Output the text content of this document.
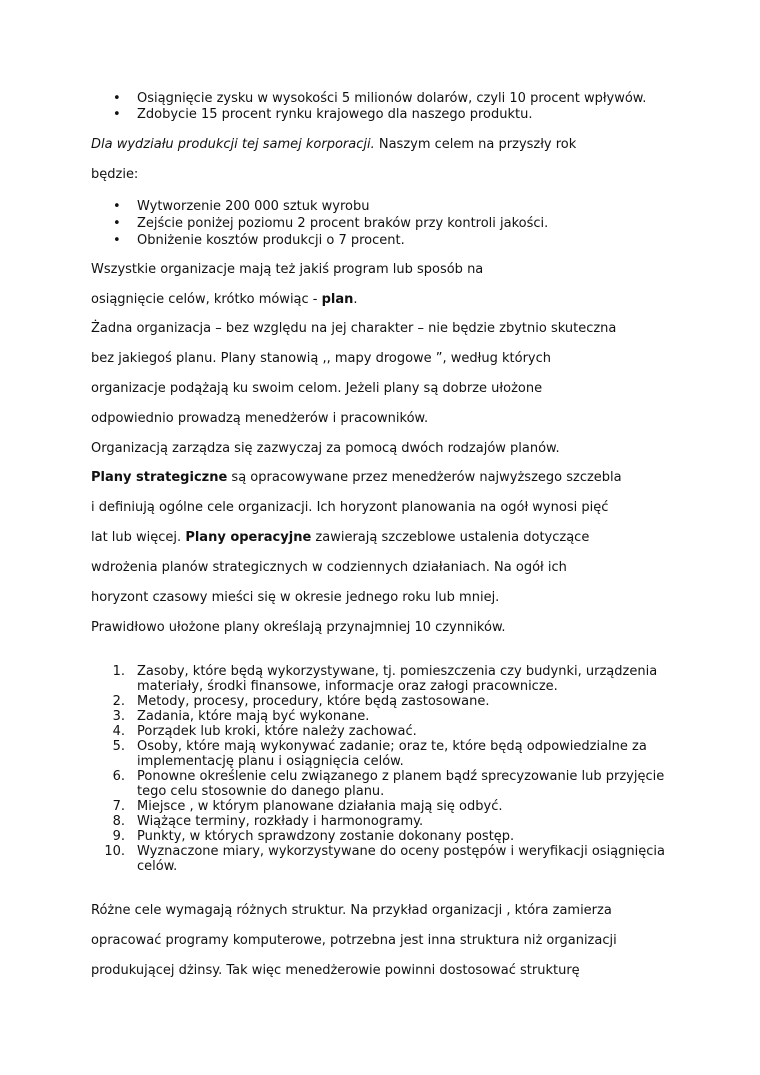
• Osiągnięcie zysku w wysokości 5 milionów dolarów, czyli 10 procent wpływów.
• Zdobycie 15 procent rynku krajowego dla naszego produktu.
Dla wydziału produkcji tej samej korporacji. Naszym celem na przyszły rok
będzie:
• Wytworzenie 200 000 sztuk wyrobu
• Zejście poniżej poziomu 2 procent braków przy kontroli jakości.
• Obniżenie kosztów produkcji o 7 procent.
Wszystkie organizacje mają też jakiś program lub sposób na
osiągnięcie celów, krótko mówiąc - plan.
Żadna organizacja – bez względu na jej charakter – nie będzie zbytnio skuteczna
bez jakiegoś planu. Plany stanowią ,, mapy drogowe ”, według których
organizacje podążają ku swoim celom. Jeżeli plany są dobrze ułożone
odpowiednio prowadzą menedżerów i pracowników.
Organizacją zarządza się zazwyczaj za pomocą dwóch rodzajów planów.
Plany strategiczne są opracowywane przez menedżerów najwyższego szczebla
i definiują ogólne cele organizacji. Ich horyzont planowania na ogół wynosi pięć
lat lub więcej. Plany operacyjne zawierają szczeblowe ustalenia dotyczące
wdrożenia planów strategicznych w codziennych działaniach. Na ogół ich
horyzont czasowy mieści się w okresie jednego roku lub mniej.
Prawidłowo ułożone plany określają przynajmniej 10 czynników.
1. Zasoby, które będą wykorzystywane, tj. pomieszczenia czy budynki, urządzenia
materiały, środki finansowe, informacje oraz załogi pracownicze.
2. Metody, procesy, procedury, które będą zastosowane.
3. Zadania, które mają być wykonane.
4. Porządek lub kroki, które należy zachować.
5. Osoby, które mają wykonywać zadanie; oraz te, które będą odpowiedzialne za
implementację planu i osiągnięcia celów.
6. Ponowne określenie celu związanego z planem bądź sprecyzowanie lub przyjęcie
tego celu stosownie do danego planu.
7. Miejsce , w którym planowane działania mają się odbyć.
8. Wiążące terminy, rozkłady i harmonogramy.
9. Punkty, w których sprawdzony zostanie dokonany postęp.
10. Wyznaczone miary, wykorzystywane do oceny postępów i weryfikacji osiągnięcia
celów.
Różne cele wymagają różnych struktur. Na przykład organizacji , która zamierza
opracować programy komputerowe, potrzebna jest inna struktura niż organizacji
produkującej dżinsy. Tak więc menedżerowie powinni dostosować strukturę
